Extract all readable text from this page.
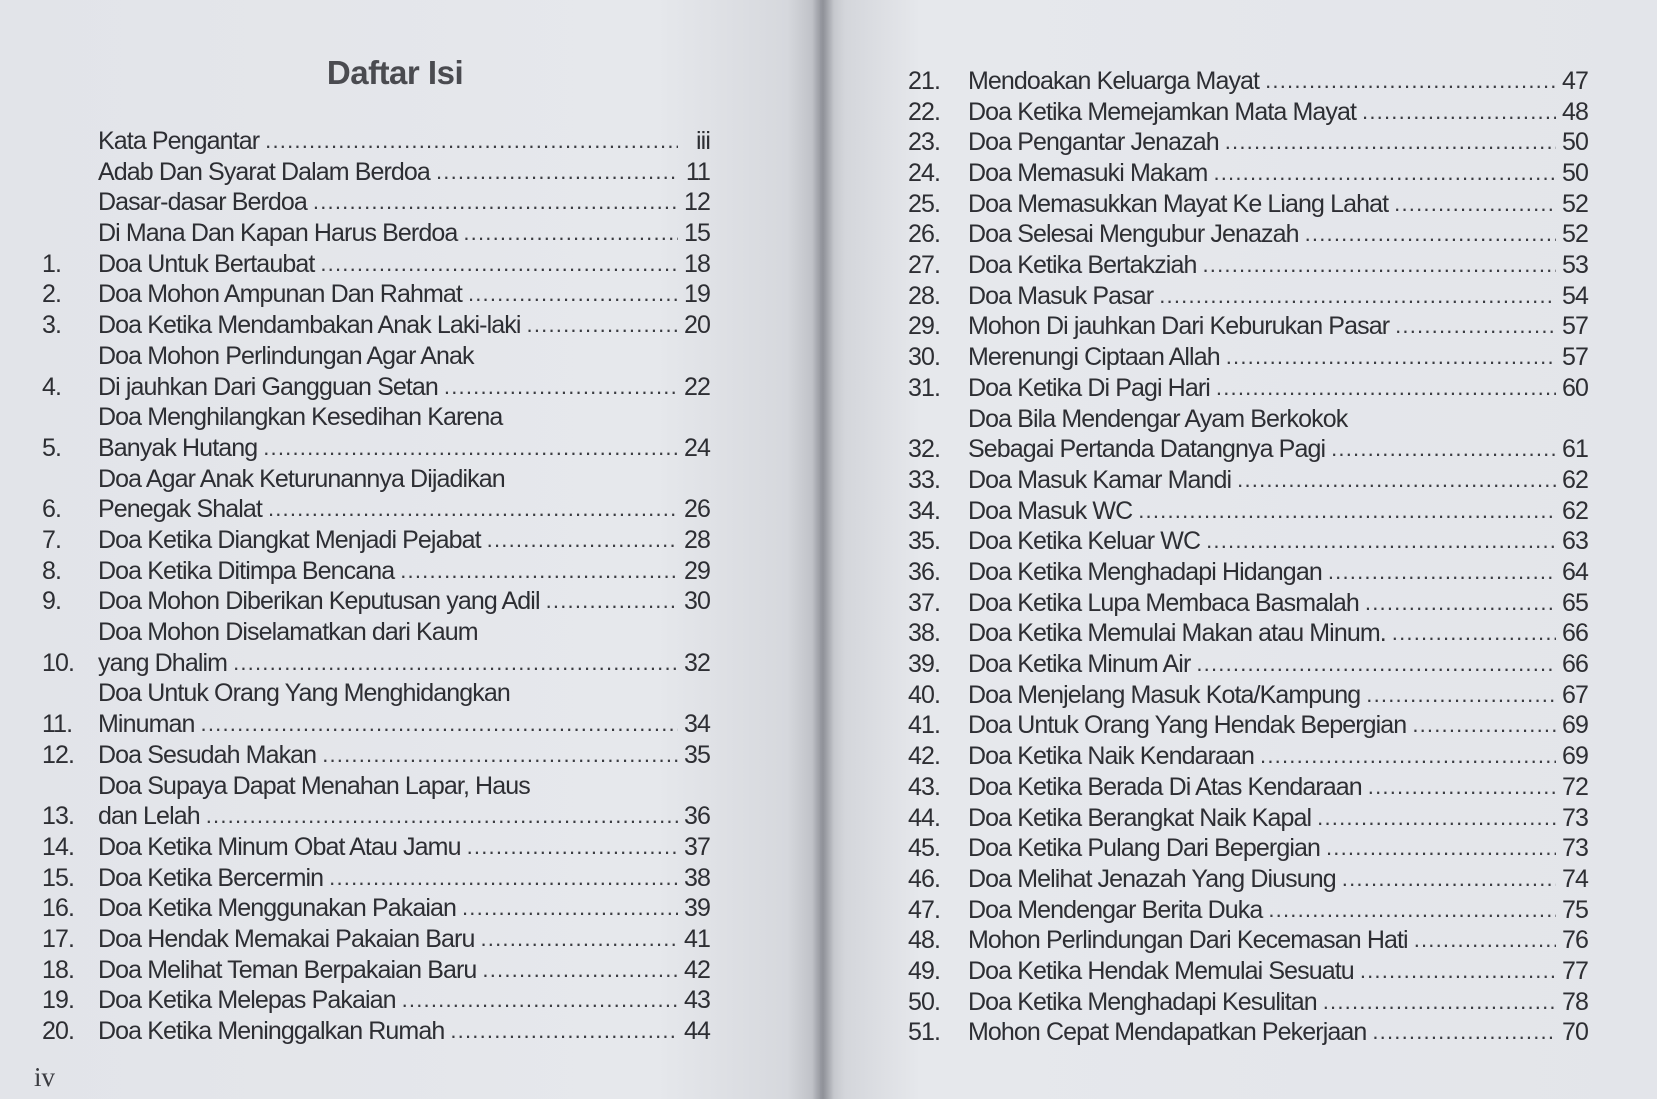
Daftar Isi
Kata Pengantar .....	iii
Adab Dan Syarat Dalam Berdoa .....	11
Dasar-dasar Berdoa .....	12
Di Mana Dan Kapan Harus Berdoa .....	15
1.	Doa Untuk Bertaubat .....	18
2.	Doa Mohon Ampunan Dan Rahmat .....	19
3.	Doa Ketika Mendambakan Anak Laki-laki .....	20
4.
Doa Mohon Perlindungan Agar Anak
Di jauhkan Dari Gangguan Setan .....	22
5.
Doa Menghilangkan Kesedihan Karena
Banyak Hutang .....	24
6.
Doa Agar Anak Keturunannya Dijadikan
Penegak Shalat .....	26
7.	Doa Ketika Diangkat Menjadi Pejabat .....	28
8.	Doa Ketika Ditimpa Bencana .....	29
9.	Doa Mohon Diberikan Keputusan yang Adil .....	30
10.
Doa Mohon Diselamatkan dari Kaum
yang Dhalim .....	32
11.
Doa Untuk Orang Yang Menghidangkan
Minuman .....	34
12. Doa Sesudah Makan .....	35
13.
Doa Supaya Dapat Menahan Lapar, Haus
dan Lelah .....	36
14. Doa Ketika Minum Obat Atau Jamu .....	37
15. Doa Ketika Bercermin .....	38
16. Doa Ketika Menggunakan Pakaian .....	39
17. Doa Hendak Memakai Pakaian Baru .....	41
18. Doa Melihat Teman Berpakaian Baru .....	42
19. Doa Ketika Melepas Pakaian .....	43
20. Doa Ketika Meninggalkan Rumah .....	44
iv
21.	Mendoakan Keluarga Mayat .....	47
22.	Doa Ketika Memejamkan Mata Mayat .....	48
23.	Doa Pengantar Jenazah .....	50
24.	Doa Memasuki Makam .....	50
25.	Doa Memasukkan Mayat Ke Liang Lahat .....	52
26.	Doa Selesai Mengubur Jenazah .....	52
27.	Doa Ketika Bertakziah .....	53
28.	Doa Masuk Pasar .....	54
29.	Mohon Di jauhkan Dari Keburukan Pasar .....	57
30.	Merenungi Ciptaan Allah .....	57
31.	Doa Ketika Di Pagi Hari .....	60
32.
Doa Bila Mendengar Ayam Berkokok
Sebagai Pertanda Datangnya Pagi .....	61
33.	Doa Masuk Kamar Mandi .....	62
34.	Doa Masuk WC .....	62
35.	Doa Ketika Keluar WC .....	63
36.	Doa Ketika Menghadapi Hidangan .....	64
37.	Doa Ketika Lupa Membaca Basmalah .....	65
38.	Doa Ketika Memulai Makan atau Minum. .....	66
39.	Doa Ketika Minum Air .....	66
40.	Doa Menjelang Masuk Kota/Kampung .....	67
41.	Doa Untuk Orang Yang Hendak Bepergian .....	69
42.	Doa Ketika Naik Kendaraan .....	69
43.	Doa Ketika Berada Di Atas Kendaraan .....	72
44.	Doa Ketika Berangkat Naik Kapal .....	73
45.	Doa Ketika Pulang Dari Bepergian .....	73
46.	Doa Melihat Jenazah Yang Diusung .....	74
47.	Doa Mendengar Berita Duka .....	75
48.	Mohon Perlindungan Dari Kecemasan Hati .....	76
49.	Doa Ketika Hendak Memulai Sesuatu .....	77
50.	Doa Ketika Menghadapi Kesulitan .....	78
51.	Mohon Cepat Mendapatkan Pekerjaan .....	70
